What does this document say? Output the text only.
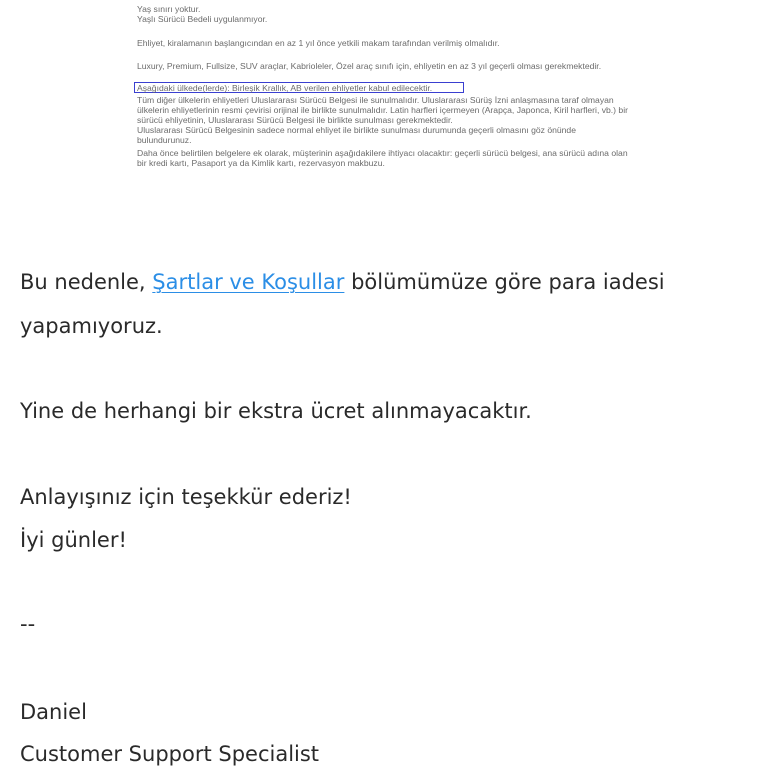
Yaş sınırı yoktur.
Yaşlı Sürücü Bedeli uygulanmıyor.
Ehliyet, kiralamanın başlangıcından en az 1 yıl önce yetkili makam tarafından verilmiş olmalıdır.
Luxury, Premium, Fullsize, SUV araçlar, Kabrioleler, Özel araç sınıfı için, ehliyetin en az 3 yıl geçerli olması gerekmektedir.
Aşağıdaki ülkede(lerde): Birleşik Krallık, AB verilen ehliyetler kabul edilecektir.
Tüm diğer ülkelerin ehliyetleri Uluslararası Sürücü Belgesi ile sunulmalıdır. Uluslararası Sürüş İzni anlaşmasına taraf olmayan
ülkelerin ehliyetlerinin resmi çevirisi orijinal ile birlikte sunulmalıdır. Latin harfleri içermeyen (Arapça, Japonca, Kiril harfleri, vb.) bir
sürücü ehliyetinin, Uluslararası Sürücü Belgesi ile birlikte sunulması gerekmektedir.
Uluslararası Sürücü Belgesinin sadece normal ehliyet ile birlikte sunulması durumunda geçerli olmasını göz önünde
bulundurunuz.
Daha önce belirtilen belgelere ek olarak, müşterinin aşağıdakilere ihtiyacı olacaktır: geçerli sürücü belgesi, ana sürücü adına olan
bir kredi kartı, Pasaport ya da Kimlik kartı, rezervasyon makbuzu.
Bu nedenle, Şartlar ve Koşullar bölümümüze göre para iadesi
yapamıyoruz.
Yine de herhangi bir ekstra ücret alınmayacaktır.
Anlayışınız için teşekkür ederiz!
İyi günler!
--
Daniel
Customer Support Specialist
